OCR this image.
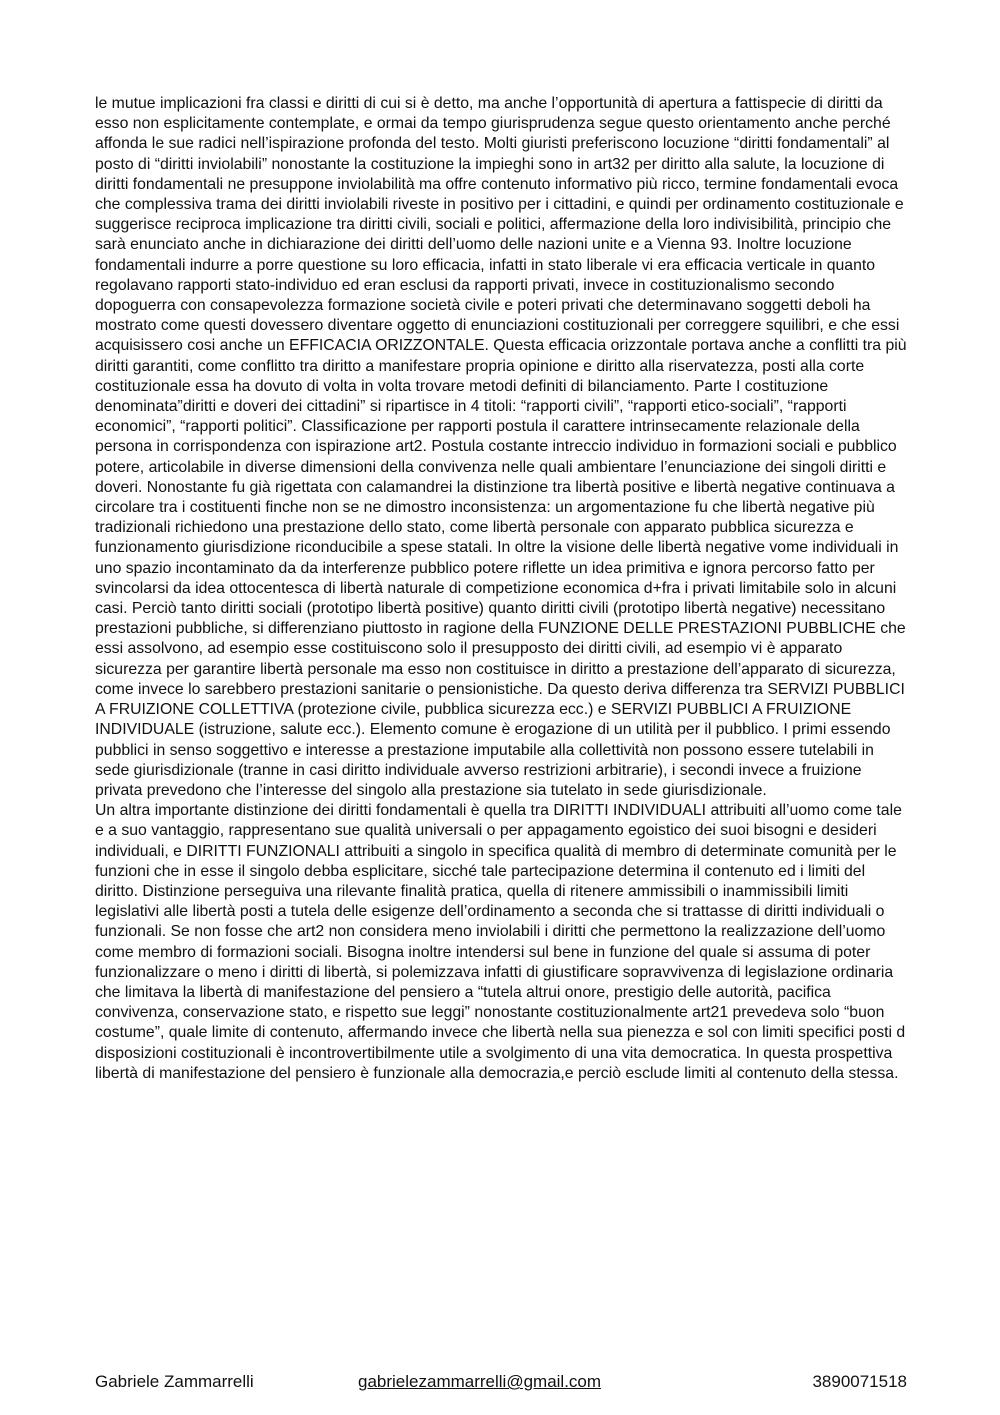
le mutue implicazioni fra classi e diritti di cui si è detto, ma anche l’opportunità di apertura a fattispecie di diritti da esso non esplicitamente contemplate, e ormai da tempo giurisprudenza segue questo orientamento anche perché affonda le sue radici nell’ispirazione profonda del testo. Molti giuristi preferiscono locuzione “diritti fondamentali” al posto di “diritti inviolabili” nonostante la costituzione la impieghi sono in art32 per diritto alla salute, la locuzione di diritti fondamentali ne presuppone inviolabilità ma offre contenuto informativo più ricco, termine fondamentali evoca che complessiva trama dei diritti inviolabili riveste in positivo per i cittadini, e quindi per ordinamento costituzionale e suggerisce reciproca implicazione tra diritti civili, sociali e politici, affermazione della loro indivisibilità, principio che sarà enunciato anche in dichiarazione dei diritti dell’uomo delle nazioni unite e a Vienna 93. Inoltre locuzione fondamentali indurre a porre questione su loro efficacia, infatti in stato liberale vi era efficacia verticale in quanto regolavano rapporti stato-individuo ed eran esclusi da rapporti privati, invece in costituzionalismo secondo dopoguerra con consapevolezza formazione società civile e poteri privati che determinavano soggetti deboli ha mostrato come questi dovessero diventare oggetto di enunciazioni costituzionali per correggere squilibri, e che essi acquisissero cosi anche un EFFICACIA ORIZZONTALE. Questa efficacia orizzontale portava anche a conflitti tra più diritti garantiti, come conflitto tra diritto a manifestare propria opinione e diritto alla riservatezza, posti alla corte costituzionale essa ha dovuto di volta in volta trovare metodi definiti di bilanciamento. Parte I costituzione denominata”diritti e doveri dei cittadini” si ripartisce in 4 titoli: “rapporti civili”, “rapporti etico-sociali”, “rapporti economici”, “rapporti politici”. Classificazione per rapporti postula il carattere intrinsecamente relazionale della persona in corrispondenza con ispirazione art2. Postula costante intreccio individuo in formazioni sociali e pubblico potere, articolabile in diverse dimensioni della convivenza nelle quali ambientare l’enunciazione dei singoli diritti e doveri. Nonostante fu già rigettata con calamandrei la distinzione tra libertà positive e libertà negative continuava a circolare tra i costituenti finche non se ne dimostro inconsistenza: un argomentazione fu che libertà negative più tradizionali richiedono una prestazione dello stato, come libertà personale con apparato pubblica sicurezza e funzionamento giurisdizione riconducibile a spese statali. In oltre la visione delle libertà negative vome individuali in uno spazio incontaminato da da interferenze pubblico potere riflette un idea primitiva e ignora percorso fatto per svincolarsi da idea ottocentesca di libertà naturale di competizione economica d+fra i privati limitabile solo in alcuni casi. Perciò tanto diritti sociali (prototipo libertà positive) quanto diritti civili (prototipo libertà negative) necessitano prestazioni pubbliche, si differenziano piuttosto in ragione della FUNZIONE DELLE PRESTAZIONI PUBBLICHE che essi assolvono, ad esempio esse costituiscono solo il presupposto dei diritti civili, ad esempio vi è apparato sicurezza per garantire libertà personale ma esso non costituisce in diritto a prestazione dell’apparato di sicurezza, come invece lo sarebbero prestazioni sanitarie o pensionistiche. Da questo deriva differenza tra SERVIZI PUBBLICI A FRUIZIONE COLLETTIVA (protezione civile, pubblica sicurezza ecc.) e SERVIZI PUBBLICI A FRUIZIONE INDIVIDUALE (istruzione, salute ecc.). Elemento comune è erogazione di un utilità per il pubblico. I primi essendo pubblici in senso soggettivo e interesse a prestazione imputabile alla collettività non possono essere tutelabili in sede giurisdizionale (tranne in casi diritto individuale avverso restrizioni arbitrarie), i secondi invece a fruizione privata prevedono che l’interesse del singolo alla prestazione sia tutelato in sede giurisdizionale.

Un altra importante distinzione dei diritti fondamentali è quella tra DIRITTI INDIVIDUALI attribuiti all’uomo come tale e a suo vantaggio, rappresentano sue qualità universali o per appagamento egoistico dei suoi bisogni e desideri individuali, e DIRITTI FUNZIONALI attribuiti a singolo in specifica qualità di membro di determinate comunità per le funzioni che in esse il singolo debba esplicitare, sicché tale partecipazione determina il contenuto ed i limiti del diritto. Distinzione perseguiva una rilevante finalità pratica, quella di ritenere ammissibili o inammissibili limiti legislativi alle libertà posti a tutela delle esigenze dell’ordinamento a seconda che si trattasse di diritti individuali o funzionali. Se non fosse che art2 non considera meno inviolabili i diritti che permettono la realizzazione dell’uomo come membro di formazioni sociali. Bisogna inoltre intendersi sul bene in funzione del quale si assuma di poter funzionalizzare o meno i diritti di libertà, si polemizzava infatti di giustificare sopravvivenza di legislazione ordinaria che limitava la libertà di manifestazione del pensiero a “tutela altrui onore, prestigio delle autorità, pacifica convivenza, conservazione stato, e rispetto sue leggi” nonostante costituzionalmente art21 prevedeva solo “buon costume”, quale limite di contenuto, affermando invece che libertà nella sua pienezza e sol con limiti specifici posti d disposizioni costituzionali è incontrovertibilmente utile a svolgimento di una vita democratica. In questa prospettiva libertà di manifestazione del pensiero è funzionale alla democrazia,e perciò esclude limiti al contenuto della stessa.

Gabriele Zammarrelli	gabrielezammarrelli@gmail.com	3890071518
